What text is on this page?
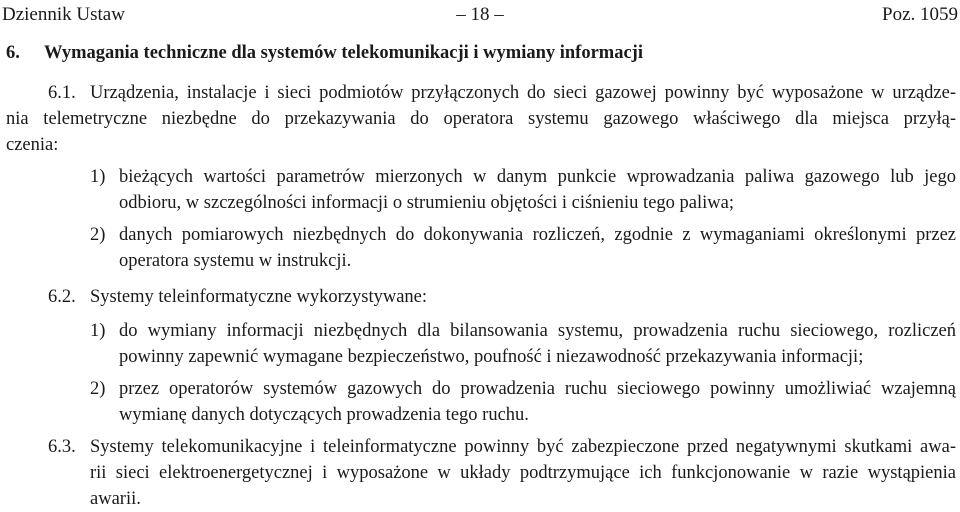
Dziennik Ustaw	– 18 –	Poz. 1059
6. Wymagania techniczne dla systemów telekomunikacji i wymiany informacji
6.1. Urządzenia, instalacje i sieci podmiotów przyłączonych do sieci gazowej powinny być wyposażone w urządze-
nia telemetryczne niezbędne do przekazywania do operatora systemu gazowego właściwego dla miejsca przyłą-
czenia:
1) bieżących wartości parametrów mierzonych w danym punkcie wprowadzania paliwa gazowego lub jego
odbioru, w szczególności informacji o strumieniu objętości i ciśnieniu tego paliwa;
2) danych pomiarowych niezbędnych do dokonywania rozliczeń, zgodnie z wymaganiami określonymi przez
operatora systemu w instrukcji.
6.2. Systemy teleinformatyczne wykorzystywane:
1) do wymiany informacji niezbędnych dla bilansowania systemu, prowadzenia ruchu sieciowego, rozliczeń
powinny zapewnić wymagane bezpieczeństwo, poufność i niezawodność przekazywania informacji;
2) przez operatorów systemów gazowych do prowadzenia ruchu sieciowego powinny umożliwiać wzajemną
wymianę danych dotyczących prowadzenia tego ruchu.
6.3. Systemy telekomunikacyjne i teleinformatyczne powinny być zabezpieczone przed negatywnymi skutkami awa-
rii sieci elektroenergetycznej i wyposażone w układy podtrzymujące ich funkcjonowanie w razie wystąpienia
awarii.
